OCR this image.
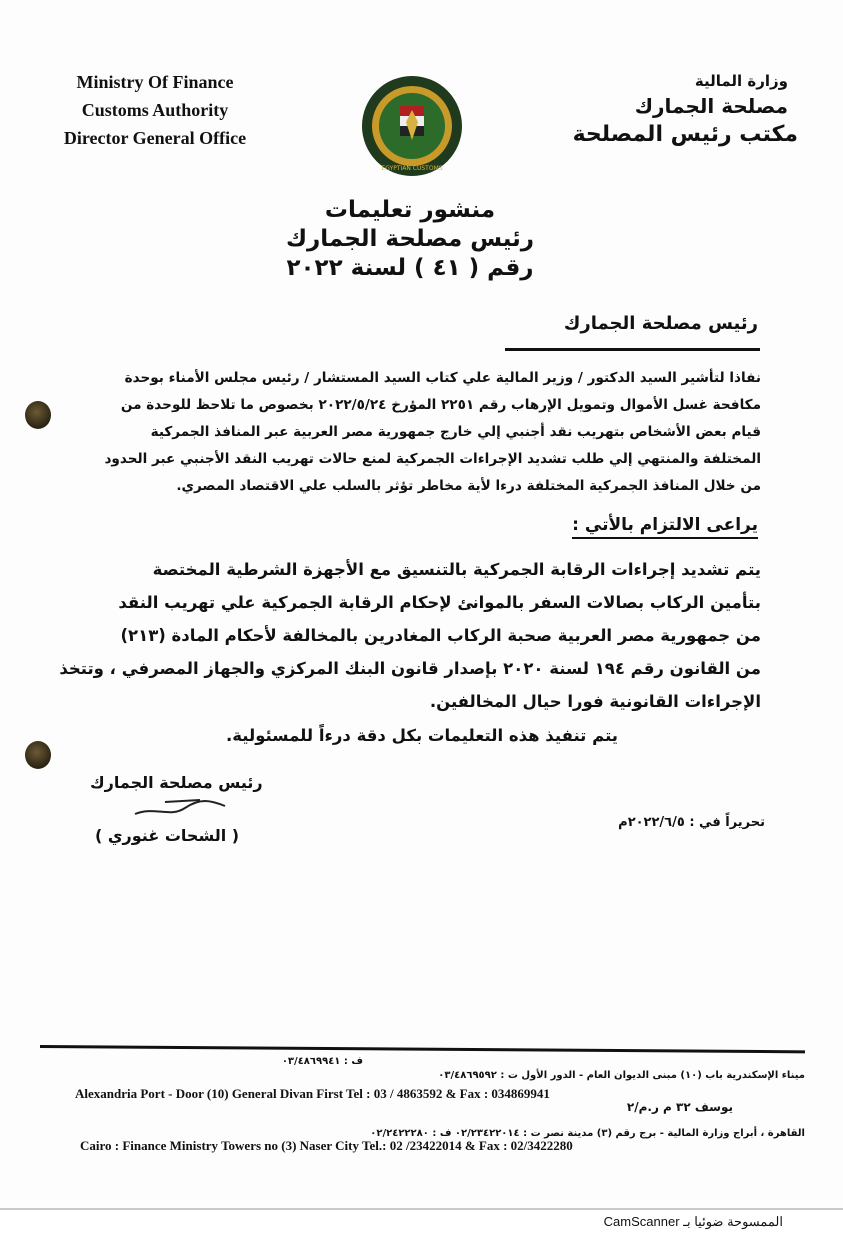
Ministry Of Finance
Customs Authority
Director General Office
EGYPTIAN CUSTOMS
وزارة المالية
مصلحة الجمارك
مكتب رئيس المصلحة
منشور تعليمات
رئيس مصلحة الجمارك
رقم ( ٤١ ) لسنة ٢٠٢٢
رئيس مصلحة الجمارك
نفاذا لتأشير السيد الدكتور / وزير المالية علي كتاب السيد المستشار / رئيس مجلس الأمناء بوحدة
مكافحة غسل الأموال وتمويل الإرهاب رقم ٢٢٥١ المؤرخ ٢٠٢٢/٥/٢٤ بخصوص ما تلاحظ للوحدة من
قيام بعض الأشخاص بتهريب نقد أجنبي إلي خارج جمهورية مصر العربية عبر المنافذ الجمركية
المختلفة والمنتهي إلي طلب تشديد الإجراءات الجمركية لمنع حالات تهريب النقد الأجنبي عبر الحدود
من خلال المنافذ الجمركية المختلفة درءا لأية مخاطر تؤثر بالسلب علي الاقتصاد المصري.
يراعى الالتزام بالأتي :
يتم تشديد إجراءات الرقابة الجمركية بالتنسيق مع الأجهزة الشرطية المختصة
بتأمين الركاب بصالات السفر بالموانئ لإحكام الرقابة الجمركية علي تهريب النقد
من جمهورية مصر العربية صحبة الركاب المغادرين بالمخالفة لأحكام المادة (٢١٣)
من القانون رقم ١٩٤ لسنة ٢٠٢٠ بإصدار قانون البنك المركزي والجهاز المصرفي ، وتتخذ
الإجراءات القانونية فورا حيال المخالفين.
يتم تنفيذ هذه التعليمات بكل دقة درءاً للمسئولية.
رئيس مصلحة الجمارك
( الشحات غنوري )
تحريراً في : ٢٠٢٢/٦/٥م
ف : ٠٣/٤٨٦٩٩٤١
ميناء الإسكندرية باب (١٠) مبنى الديوان العام - الدور الأول ت : ٠٣/٤٨٦٩٥٩٢
Alexandria Port - Door (10) General Divan First Tel : 03 / 4863592 & Fax : 034869941
يوسف ٣٢ م ر.م/٢
القاهرة ، أبراج وزارة المالية - برج رقم (٣) مدينة نصر ت : ٠٢/٢٣٤٢٢٠١٤ ف : ٠٢/٢٤٢٢٢٨٠
Cairo : Finance Ministry Towers no (3) Naser City Tel.: 02 /23422014 & Fax : 02/3422280
الممسوحة ضوئيا بـ CamScanner
